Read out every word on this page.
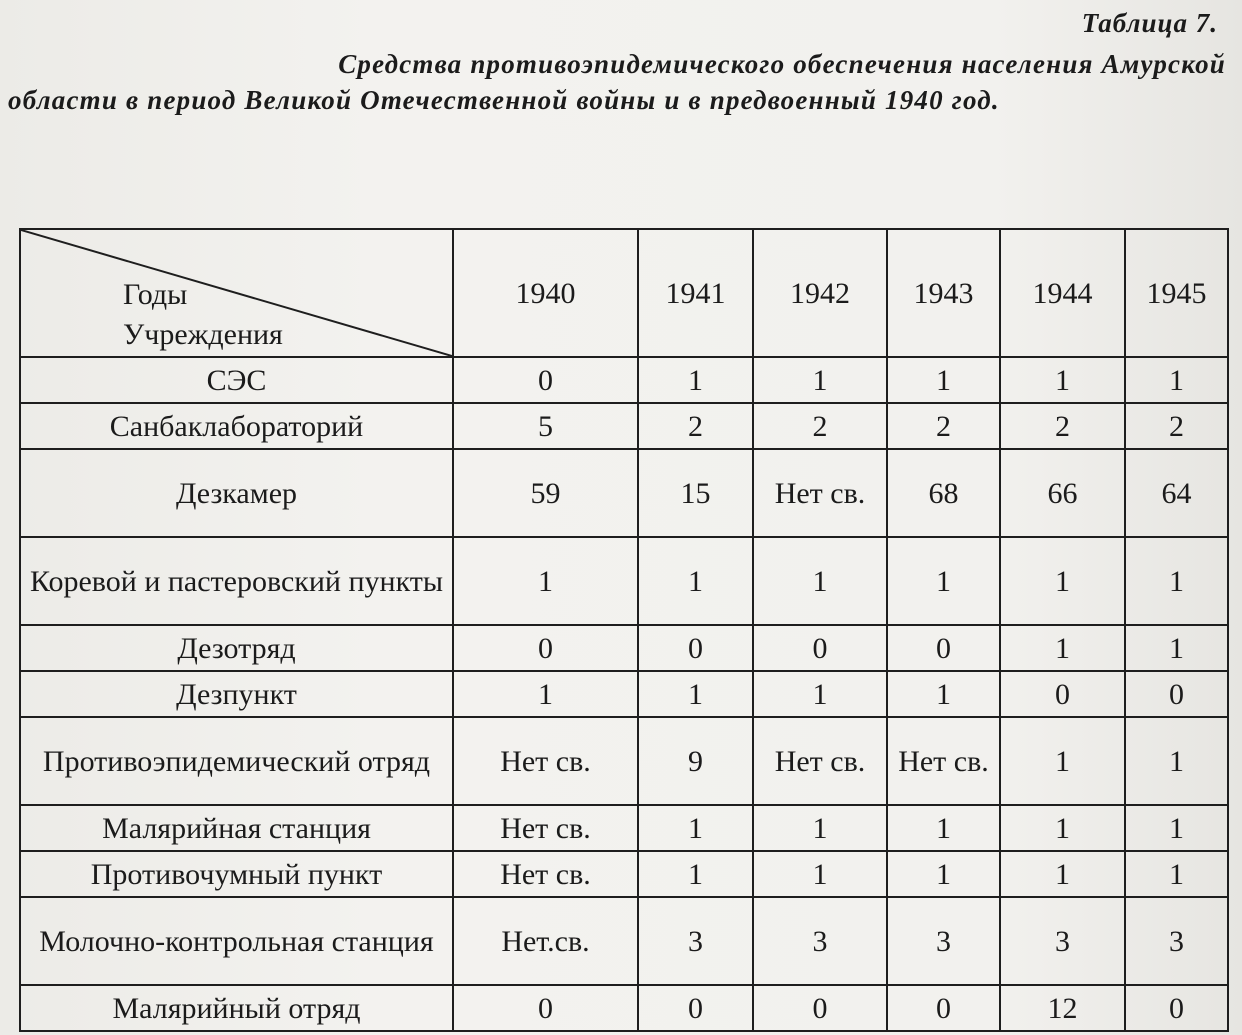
Таблица 7.
Средства противоэпидемического обеспечения населения Амурской
области в период Великой Отечественной войны и в предвоенный 1940 год.
Годы
Учреждения	1940	1941	1942	1943	1944	1945
СЭС	0	1	1	1	1	1
Санбаклабораторий	5	2	2	2	2	2
Дезкамер	59	15	Нет св.	68	66	64
Коревой и пастеровский пункты	1	1	1	1	1	1
Дезотряд	0	0	0	0	1	1
Дезпункт	1	1	1	1	0	0
Противоэпидемический отряд	Нет св.	9	Нет св.	Нет св.	1	1
Малярийная станция	Нет св.	1	1	1	1	1
Противочумный пункт	Нет св.	1	1	1	1	1
Молочно-контрольная станция	Нет.св.	3	3	3	3	3
Малярийный отряд	0	0	0	0	12	0
